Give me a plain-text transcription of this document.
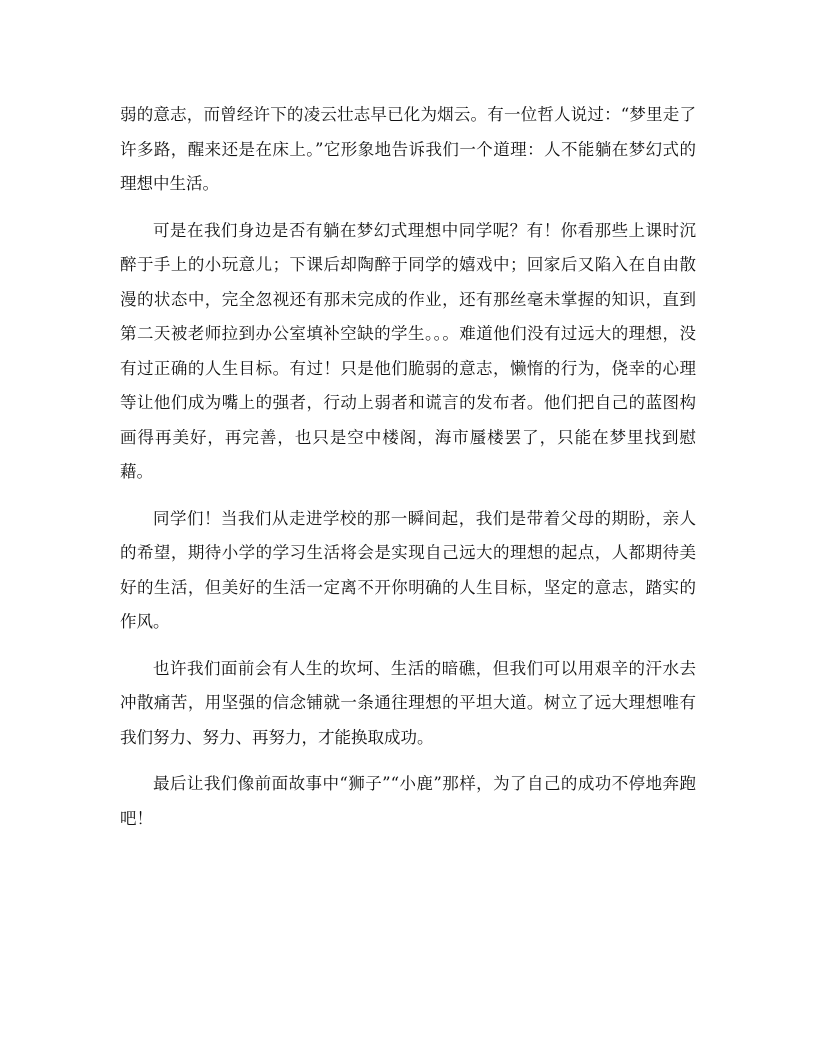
弱的意志，而曾经许下的凌云壮志早已化为烟云。有一位哲人说过：“梦里走了许多路，醒来还是在床上。”它形象地告诉我们一个道理：人不能躺在梦幻式的理想中生活。

可是在我们身边是否有躺在梦幻式理想中同学呢？有！你看那些上课时沉醉于手上的小玩意儿；下课后却陶醉于同学的嬉戏中；回家后又陷入在自由散漫的状态中，完全忽视还有那未完成的作业，还有那丝毫未掌握的知识，直到第二天被老师拉到办公室填补空缺的学生。。。难道他们没有过远大的理想，没有过正确的人生目标。有过！只是他们脆弱的意志，懒惰的行为，侥幸的心理等让他们成为嘴上的强者，行动上弱者和谎言的发布者。他们把自己的蓝图构画得再美好，再完善，也只是空中楼阁，海市蜃楼罢了，只能在梦里找到慰藉。

同学们！当我们从走进学校的那一瞬间起，我们是带着父母的期盼，亲人的希望，期待小学的学习生活将会是实现自己远大的理想的起点，人都期待美好的生活，但美好的生活一定离不开你明确的人生目标，坚定的意志，踏实的作风。

也许我们面前会有人生的坎坷、生活的暗礁，但我们可以用艰辛的汗水去冲散痛苦，用坚强的信念铺就一条通往理想的平坦大道。树立了远大理想唯有我们努力、努力、再努力，才能换取成功。

最后让我们像前面故事中“狮子”“小鹿”那样，为了自己的成功不停地奔跑吧！
